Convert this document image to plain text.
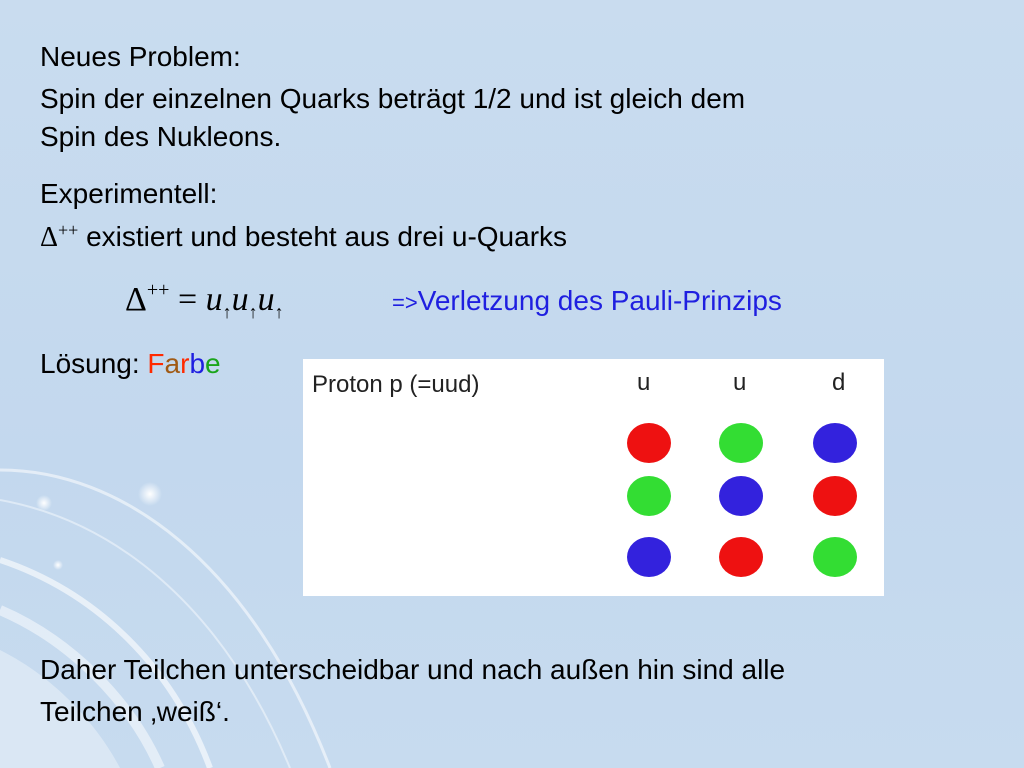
Neues Problem:
Spin der einzelnen Quarks beträgt 1/2 und ist gleich dem
Spin des Nukleons.
Experimentell:
Δ++ existiert und besteht aus drei u-Quarks
$\Delta^{++} = u_↑u_↑u_↑$	=>Verletzung des Pauli-Prinzips
Lösung: Farbe
Proton p (=uud)	u	u	d
Daher Teilchen unterscheidbar und nach außen hin sind alle
Teilchen ‚weiß‘.
